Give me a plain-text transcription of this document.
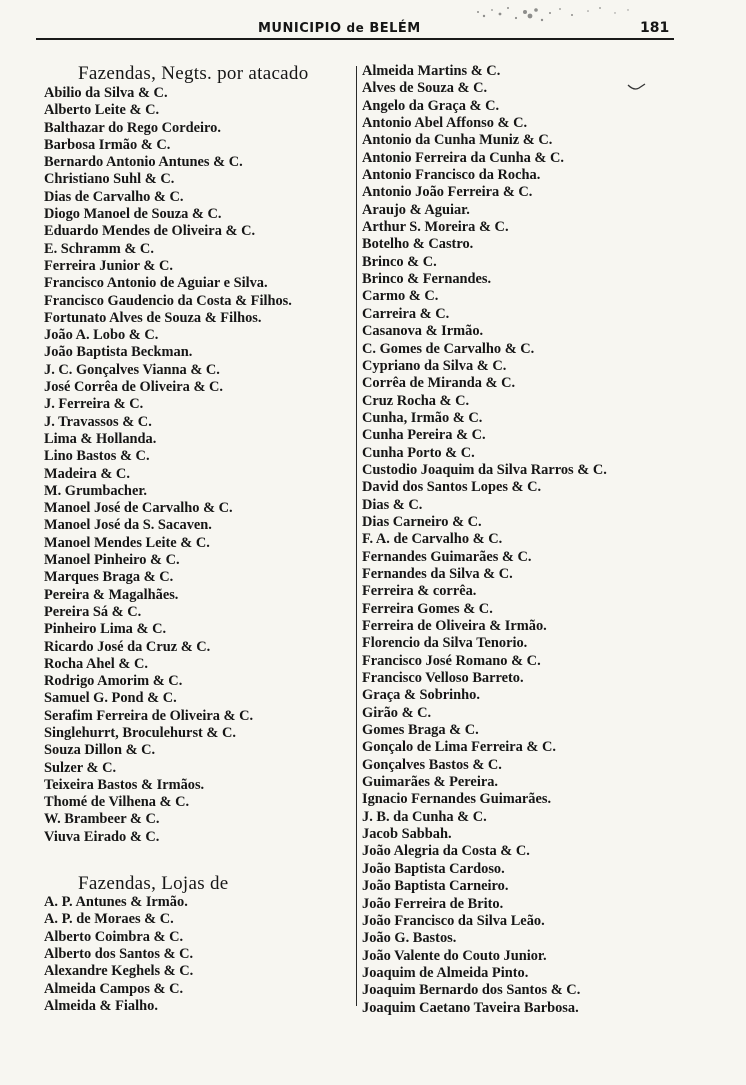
MUNICIPIO de BELÉM	181
Fazendas, Negts. por atacado
Abilio da Silva & C.
Alberto Leite & C.
Balthazar do Rego Cordeiro.
Barbosa Irmão & C.
Bernardo Antonio Antunes & C.
Christiano Suhl & C.
Dias de Carvalho & C.
Diogo Manoel de Souza & C.
Eduardo Mendes de Oliveira & C.
E. Schramm & C.
Ferreira Junior & C.
Francisco Antonio de Aguiar e Silva.
Francisco Gaudencio da Costa & Filhos.
Fortunato Alves de Souza & Filhos.
João A. Lobo & C.
João Baptista Beckman.
J. C. Gonçalves Vianna & C.
José Corrêa de Oliveira & C.
J. Ferreira & C.
J. Travassos & C.
Lima & Hollanda.
Lino Bastos & C.
Madeira & C.
M. Grumbacher.
Manoel José de Carvalho & C.
Manoel José da S. Sacaven.
Manoel Mendes Leite & C.
Manoel Pinheiro & C.
Marques Braga & C.
Pereira & Magalhães.
Pereira Sá & C.
Pinheiro Lima & C.
Ricardo José da Cruz & C.
Rocha Ahel & C.
Rodrigo Amorim & C.
Samuel G. Pond & C.
Serafim Ferreira de Oliveira & C.
Singlehurrt, Broculehurst & C.
Souza Dillon & C.
Sulzer & C.
Teixeira Bastos & Irmãos.
Thomé de Vilhena & C.
W. Brambeer & C.
Viuva Eirado & C.
Fazendas, Lojas de
A. P. Antunes & Irmão.
A. P. de Moraes & C.
Alberto Coimbra & C.
Alberto dos Santos & C.
Alexandre Keghels & C.
Almeida Campos & C.
Almeida & Fialho.
Almeida Martins & C.
Alves de Souza & C.
Angelo da Graça & C.
Antonio Abel Affonso & C.
Antonio da Cunha Muniz & C.
Antonio Ferreira da Cunha & C.
Antonio Francisco da Rocha.
Antonio João Ferreira & C.
Araujo & Aguiar.
Arthur S. Moreira & C.
Botelho & Castro.
Brinco & C.
Brinco & Fernandes.
Carmo & C.
Carreira & C.
Casanova & Irmão.
C. Gomes de Carvalho & C.
Cypriano da Silva & C.
Corrêa de Miranda & C.
Cruz Rocha & C.
Cunha, Irmão & C.
Cunha Pereira & C.
Cunha Porto & C.
Custodio Joaquim da Silva Rarros & C.
David dos Santos Lopes & C.
Dias & C.
Dias Carneiro & C.
F. A. de Carvalho & C.
Fernandes Guimarães & C.
Fernandes da Silva & C.
Ferreira & corrêa.
Ferreira Gomes & C.
Ferreira de Oliveira & Irmão.
Florencio da Silva Tenorio.
Francisco José Romano & C.
Francisco Velloso Barreto.
Graça & Sobrinho.
Girão & C.
Gomes Braga & C.
Gonçalo de Lima Ferreira & C.
Gonçalves Bastos & C.
Guimarães & Pereira.
Ignacio Fernandes Guimarães.
J. B. da Cunha & C.
Jacob Sabbah.
João Alegria da Costa & C.
João Baptista Cardoso.
João Baptista Carneiro.
João Ferreira de Brito.
João Francisco da Silva Leão.
João G. Bastos.
João Valente do Couto Junior.
Joaquim de Almeida Pinto.
Joaquim Bernardo dos Santos & C.
Joaquim Caetano Taveira Barbosa.
